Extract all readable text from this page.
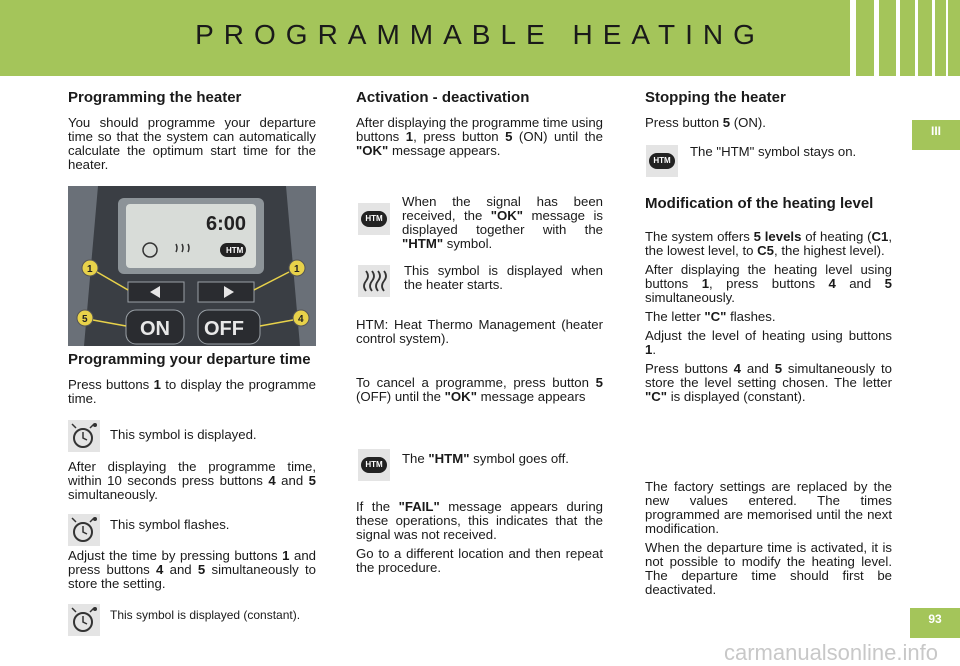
PROGRAMMABLE HEATING
III
93

Programming the heater

You should programme your departure time so that the system can automatically calculate the optimum start time for the heater.

6:00
HTM
ON OFF
1	1
5	4

Programming your departure time

Press buttons 1 to display the programme time.

This symbol is displayed.

After displaying the programme time, within 10 seconds press buttons 4 and 5 simultaneously.

This symbol flashes.

Adjust the time by pressing buttons 1 and press buttons 4 and 5 simultaneously to store the setting.

This symbol is displayed (constant).

Activation - deactivation

After displaying the programme time using buttons 1, press button 5 (ON) until the "OK" message appears.

HTM

When the signal has been received, the "OK" message is displayed together with the "HTM" symbol.

This symbol is displayed when the heater starts.

HTM: Heat Thermo Management (heater control system).

To cancel a programme, press button 5 (OFF) until the "OK" message appears

HTM	The "HTM" symbol goes off.

If the "FAIL" message appears during these operations, this indicates that the signal was not received.

Go to a different location and then repeat the procedure.

Stopping the heater

Press button 5 (ON).

HTM

The "HTM" symbol stays on.

Modification of the heating level

The system offers 5 levels of heating (C1, the lowest level, to C5, the highest level).

After displaying the heating level using buttons 1, press buttons 4 and 5 simultaneously.

The letter "C" flashes.

Adjust the level of heating using buttons 1.

Press buttons 4 and 5 simultaneously to store the level setting chosen. The letter "C" is displayed (constant).

The factory settings are replaced by the new values entered. The times programmed are memorised until the next modification.

When the departure time is activated, it is not possible to modify the heating level. The departure time should first be deactivated.

carmanualsonline.info
